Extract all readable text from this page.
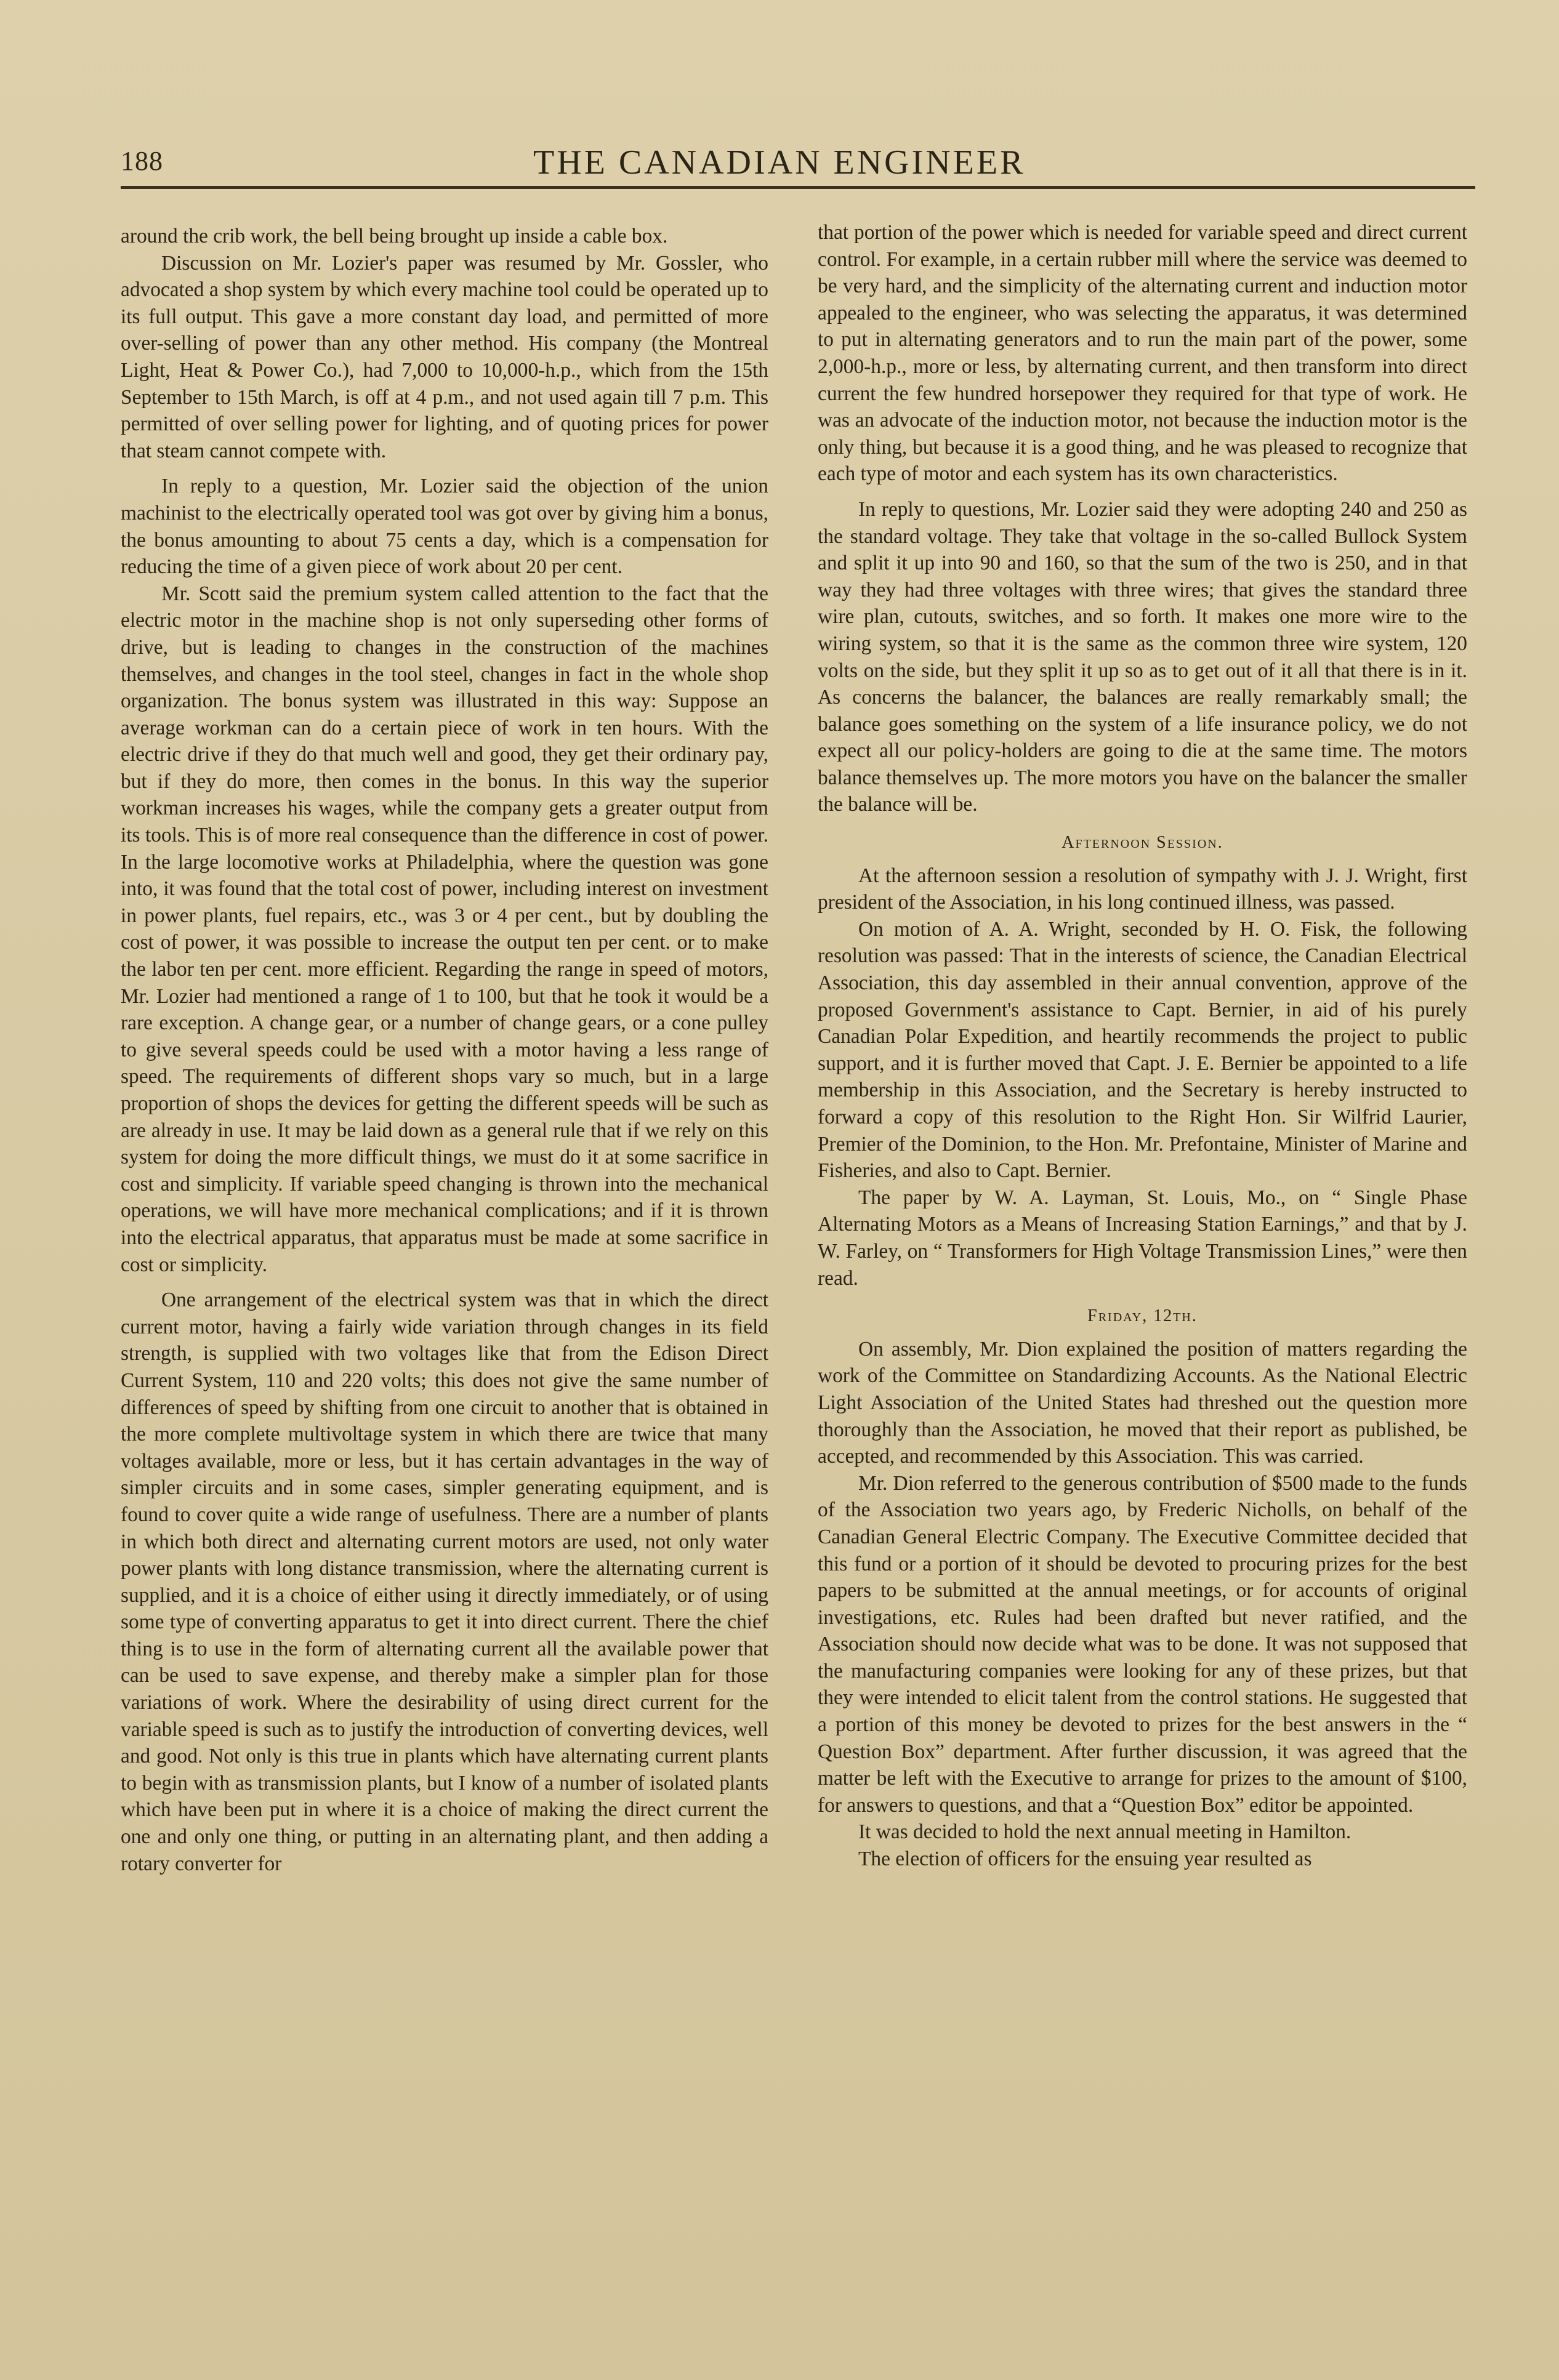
188	THE CANADIAN ENGINEER

around the crib work, the bell being brought up inside a cable box.

Discussion on Mr. Lozier's paper was resumed by Mr. Gossler, who advocated a shop system by which every machine tool could be operated up to its full output. This gave a more constant day load, and permitted of more over-selling of power than any other method. His company (the Montreal Light, Heat & Power Co.), had 7,000 to 10,000-h.p., which from the 15th September to 15th March, is off at 4 p.m., and not used again till 7 p.m. This permitted of over selling power for lighting, and of quoting prices for power that steam cannot compete with.

In reply to a question, Mr. Lozier said the objection of the union machinist to the electrically operated tool was got over by giving him a bonus, the bonus amounting to about 75 cents a day, which is a compensation for reducing the time of a given piece of work about 20 per cent.

Mr. Scott said the premium system called attention to the fact that the electric motor in the machine shop is not only superseding other forms of drive, but is leading to changes in the construction of the machines themselves, and changes in the tool steel, changes in fact in the whole shop organization. The bonus system was illustrated in this way: Suppose an average workman can do a certain piece of work in ten hours. With the electric drive if they do that much well and good, they get their ordinary pay, but if they do more, then comes in the bonus. In this way the superior workman increases his wages, while the company gets a greater output from its tools. This is of more real consequence than the difference in cost of power. In the large locomotive works at Philadelphia, where the question was gone into, it was found that the total cost of power, including interest on investment in power plants, fuel repairs, etc., was 3 or 4 per cent., but by doubling the cost of power, it was possible to increase the output ten per cent. or to make the labor ten per cent. more efficient. Regarding the range in speed of motors, Mr. Lozier had mentioned a range of 1 to 100, but that he took it would be a rare exception. A change gear, or a number of change gears, or a cone pulley to give several speeds could be used with a motor having a less range of speed. The requirements of different shops vary so much, but in a large proportion of shops the devices for getting the different speeds will be such as are already in use. It may be laid down as a general rule that if we rely on this system for doing the more difficult things, we must do it at some sacrifice in cost and simplicity. If variable speed changing is thrown into the mechanical operations, we will have more mechanical complications; and if it is thrown into the electrical apparatus, that apparatus must be made at some sacrifice in cost or simplicity.

One arrangement of the electrical system was that in which the direct current motor, having a fairly wide variation through changes in its field strength, is supplied with two voltages like that from the Edison Direct Current System, 110 and 220 volts; this does not give the same number of differences of speed by shifting from one circuit to another that is obtained in the more complete multivoltage system in which there are twice that many voltages available, more or less, but it has certain advantages in the way of simpler circuits and in some cases, simpler generating equipment, and is found to cover quite a wide range of usefulness. There are a number of plants in which both direct and alternating current motors are used, not only water power plants with long distance transmission, where the alternating current is supplied, and it is a choice of either using it directly immediately, or of using some type of converting apparatus to get it into direct current. There the chief thing is to use in the form of alternating current all the available power that can be used to save expense, and thereby make a simpler plan for those variations of work. Where the desirability of using direct current for the variable speed is such as to justify the introduction of converting devices, well and good. Not only is this true in plants which have alternating current plants to begin with as transmission plants, but I know of a number of isolated plants which have been put in where it is a choice of making the direct current the one and only one thing, or putting in an alternating plant, and then adding a rotary converter for

that portion of the power which is needed for variable speed and direct current control. For example, in a certain rubber mill where the service was deemed to be very hard, and the simplicity of the alternating current and induction motor appealed to the engineer, who was selecting the apparatus, it was determined to put in alternating generators and to run the main part of the power, some 2,000-h.p., more or less, by alternating current, and then transform into direct current the few hundred horsepower they required for that type of work. He was an advocate of the induction motor, not because the induction motor is the only thing, but because it is a good thing, and he was pleased to recognize that each type of motor and each system has its own characteristics.

In reply to questions, Mr. Lozier said they were adopting 240 and 250 as the standard voltage. They take that voltage in the so-called Bullock System and split it up into 90 and 160, so that the sum of the two is 250, and in that way they had three voltages with three wires; that gives the standard three wire plan, cutouts, switches, and so forth. It makes one more wire to the wiring system, so that it is the same as the common three wire system, 120 volts on the side, but they split it up so as to get out of it all that there is in it. As concerns the balancer, the balances are really remarkably small; the balance goes something on the system of a life insurance policy, we do not expect all our policy-holders are going to die at the same time. The motors balance themselves up. The more motors you have on the balancer the smaller the balance will be.

Afternoon Session.

At the afternoon session a resolution of sympathy with J. J. Wright, first president of the Association, in his long continued illness, was passed.

On motion of A. A. Wright, seconded by H. O. Fisk, the following resolution was passed: That in the interests of science, the Canadian Electrical Association, this day assembled in their annual convention, approve of the proposed Government's assistance to Capt. Bernier, in aid of his purely Canadian Polar Expedition, and heartily recommends the project to public support, and it is further moved that Capt. J. E. Bernier be appointed to a life membership in this Association, and the Secretary is hereby instructed to forward a copy of this resolution to the Right Hon. Sir Wilfrid Laurier, Premier of the Dominion, to the Hon. Mr. Prefontaine, Minister of Marine and Fisheries, and also to Capt. Bernier.

The paper by W. A. Layman, St. Louis, Mo., on “ Single Phase Alternating Motors as a Means of Increasing Station Earnings,” and that by J. W. Farley, on “ Transformers for High Voltage Transmission Lines,” were then read.

Friday, 12th.

On assembly, Mr. Dion explained the position of matters regarding the work of the Committee on Standardizing Accounts. As the National Electric Light Association of the United States had threshed out the question more thoroughly than the Association, he moved that their report as published, be accepted, and recommended by this Association. This was carried.

Mr. Dion referred to the generous contribution of $500 made to the funds of the Association two years ago, by Frederic Nicholls, on behalf of the Canadian General Electric Company. The Executive Committee decided that this fund or a portion of it should be devoted to procuring prizes for the best papers to be submitted at the annual meetings, or for accounts of original investigations, etc. Rules had been drafted but never ratified, and the Association should now decide what was to be done. It was not supposed that the manufacturing companies were looking for any of these prizes, but that they were intended to elicit talent from the control stations. He suggested that a portion of this money be devoted to prizes for the best answers in the “ Question Box” department. After further discussion, it was agreed that the matter be left with the Executive to arrange for prizes to the amount of $100, for answers to questions, and that a “Question Box” editor be appointed.

It was decided to hold the next annual meeting in Hamilton.

The election of officers for the ensuing year resulted as
